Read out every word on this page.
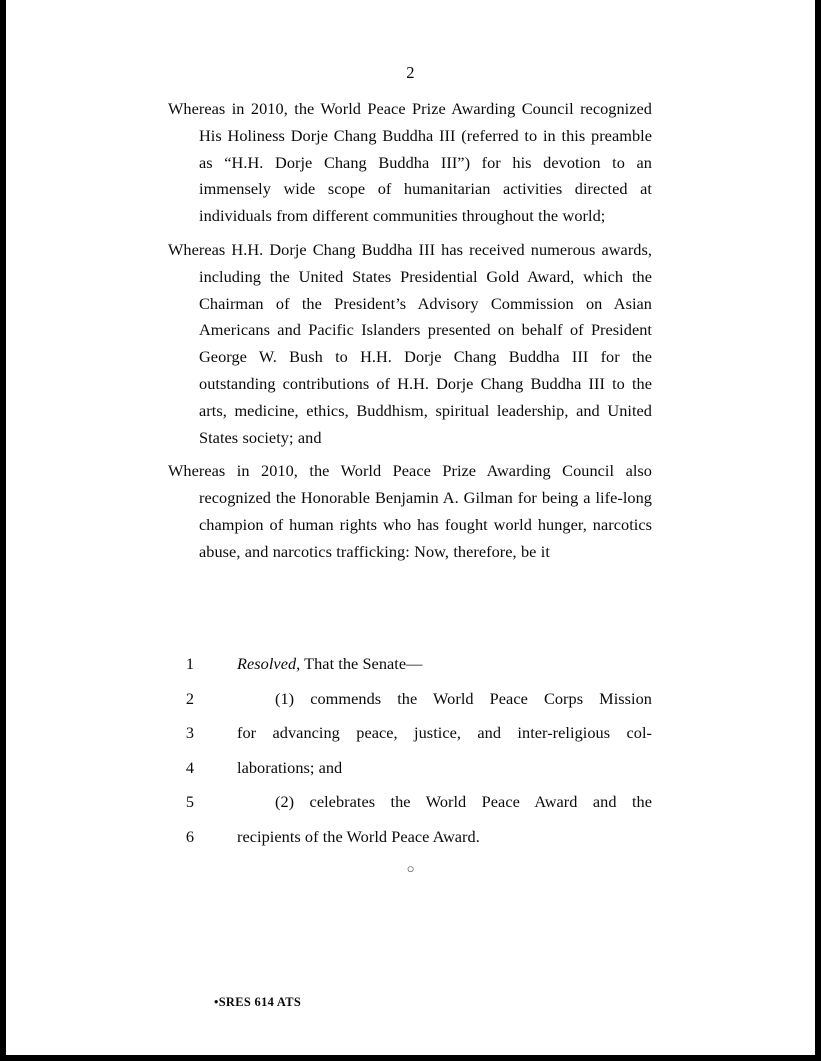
2

Whereas in 2010, the World Peace Prize Awarding Council recognized His Holiness Dorje Chang Buddha III (referred to in this preamble as “H.H. Dorje Chang Buddha III”) for his devotion to an immensely wide scope of humanitarian activities directed at individuals from different communities throughout the world;

Whereas H.H. Dorje Chang Buddha III has received numerous awards, including the United States Presidential Gold Award, which the Chairman of the President’s Advisory Commission on Asian Americans and Pacific Islanders presented on behalf of President George W. Bush to H.H. Dorje Chang Buddha III for the outstanding contributions of H.H. Dorje Chang Buddha III to the arts, medicine, ethics, Buddhism, spiritual leadership, and United States society; and

Whereas in 2010, the World Peace Prize Awarding Council also recognized the Honorable Benjamin A. Gilman for being a life-long champion of human rights who has fought world hunger, narcotics abuse, and narcotics trafficking: Now, therefore, be it

1	Resolved, That the Senate—
2	(1) commends the World Peace Corps Mission
3	for advancing peace, justice, and inter-religious col-
4	laborations; and
5	(2) celebrates the World Peace Award and the
6	recipients of the World Peace Award.
○
•SRES 614 ATS
